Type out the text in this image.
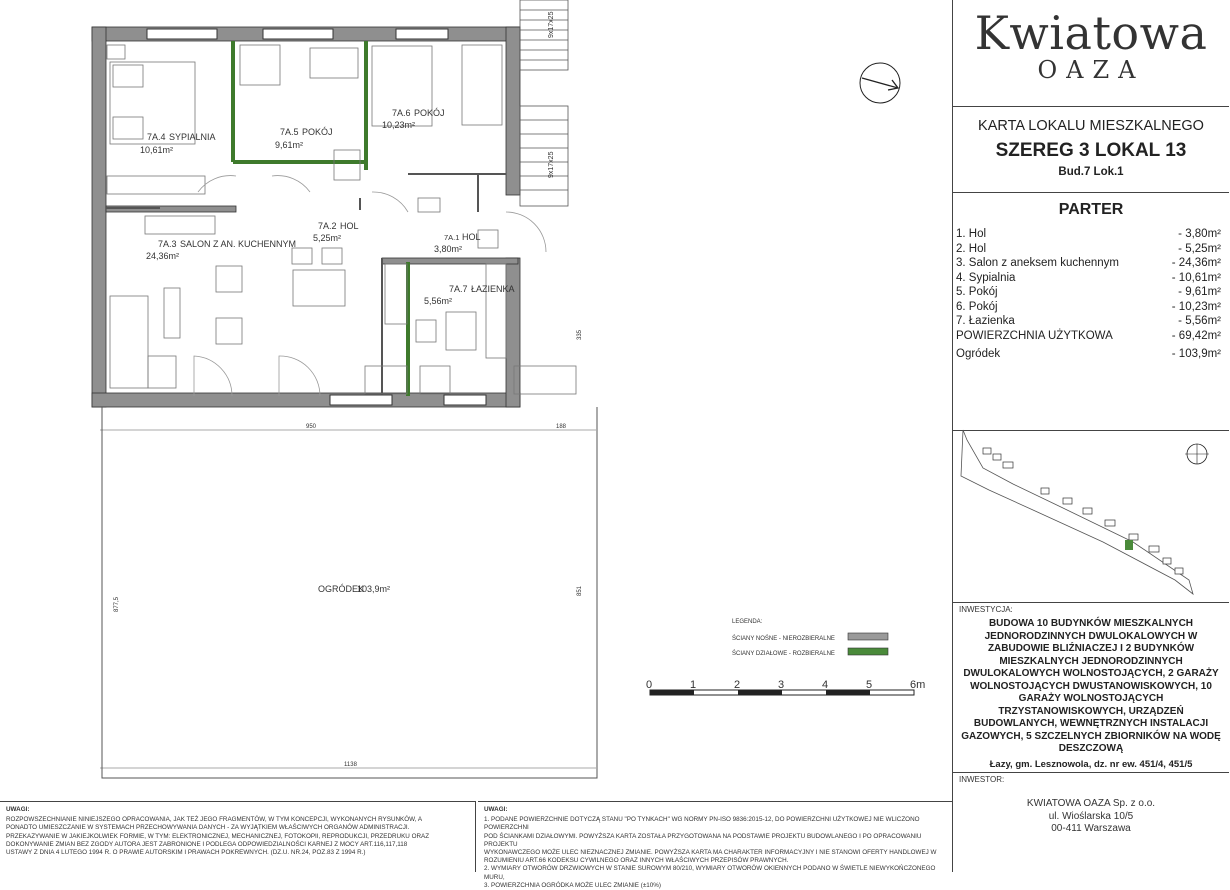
7A.4 SYPIALNIA
10,61m²
7A.5 POKÓJ
9,61m²
7A.6 POKÓJ
10,23m²
7A.2 HOL
5,25m²	7A.1 HOL
3,80m²
7A.3 SALON Z AN. KUCHENNYM
24,36m²
7A.7 ŁAZIENKA
5,56m²
OGRÓDEK
103,9m²
950	188
1138
877,5
851
335
9x17x25
9x17x25
LEGENDA:
ŚCIANY NOŚNE - NIEROZBIERALNE
ŚCIANY DZIAŁOWE - ROZBIERALNE
0	1	2	3	4	5	6m
Kwiatowa
OAZA
KARTA LOKALU MIESZKALNEGO
SZEREG 3 LOKAL 13
Bud.7 Lok.1
PARTER
1. Hol	- 3,80m²
2. Hol	- 5,25m²
3. Salon z aneksem kuchennym	- 24,36m²
4. Sypialnia	- 10,61m²
5. Pokój	- 9,61m²
6. Pokój	- 10,23m²
7. Łazienka	- 5,56m²
POWIERZCHNIA UŻYTKOWA	- 69,42m²
Ogródek	- 103,9m²
INWESTYCJA:
BUDOWA 10 BUDYNKÓW MIESZKALNYCH JEDNORODZINNYCH DWULOKALOWYCH W ZABUDOWIE BLIŹNIACZEJ I 2 BUDYNKÓW MIESZKALNYCH JEDNORODZINNYCH DWULOKALOWYCH WOLNOSTOJĄCYCH, 2 GARAŻY WOLNOSTOJĄCYCH DWUSTANOWISKOWYCH, 10 GARAŻY WOLNOSTOJĄCYCH TRZYSTANOWISKOWYCH, URZĄDZEŃ BUDOWLANYCH, WEWNĘTRZNYCH INSTALACJI GAZOWYCH, 5 SZCZELNYCH ZBIORNIKÓW NA WODĘ DESZCZOWĄ
Łazy, gm. Lesznowola, dz. nr ew. 451/4, 451/5
INWESTOR:
KWIATOWA OAZA Sp. z o.o.
ul. Wioślarska 10/5
00-411 Warszawa
UWAGI:
ROZPOWSZECHNIANIE NINIEJSZEGO OPRACOWANIA, JAK TEŻ JEGO FRAGMENTÓW, W TYM KONCEPCJI, WYKONANYCH RYSUNKÓW, A
PONADTO UMIESZCZANIE W SYSTEMACH PRZECHOWYWANIA DANYCH - ZA WYJĄTKIEM WŁAŚCIWYCH ORGANÓW ADMINISTRACJI.
PRZEKAZYWANIE W JAKIEJKOLWIEK FORMIE, W TYM: ELEKTRONICZNEJ, MECHANICZNEJ, FOTOKOPII, REPRODUKCJI, PRZEDRUKU ORAZ
DOKONYWANIE ZMIAN BEZ ZGODY AUTORA JEST ZABRONIONE I PODLEGA ODPOWIEDZIALNOŚCI KARNEJ Z MOCY ART.116,117,118
USTAWY Z DNIA 4 LUTEGO 1994 R. O PRAWIE AUTORSKIM I PRAWACH POKREWNYCH. (DZ.U. NR.24, POZ.83 Z 1994 R.)
UWAGI:
1. PODANE POWIERZCHNIE DOTYCZĄ STANU "PO TYNKACH" WG NORMY PN-ISO 9836:2015-12, DO POWIERZCHNI UŻYTKOWEJ NIE WLICZONO POWIERZCHNI
POD ŚCIANKAMI DZIAŁOWYMI. POWYŻSZA KARTA ZOSTAŁA PRZYGOTOWANA NA PODSTAWIE PROJEKTU BUDOWLANEGO I PO OPRACOWANIU PROJEKTU
WYKONAWCZEGO MOŻE ULEC NIEZNACZNEJ ZMIANIE. POWYŻSZA KARTA MA CHARAKTER INFORMACYJNY I NIE STANOWI OFERTY HANDLOWEJ W
ROZUMIENIU ART.66 KODEKSU CYWILNEGO ORAZ INNYCH WŁAŚCIWYCH PRZEPISÓW PRAWNYCH.
2. WYMIARY OTWORÓW DRZWIOWYCH W STANIE SUROWYM 80/210, WYMIARY OTWORÓW OKIENNYCH PODANO W ŚWIETLE NIEWYKOŃCZONEGO MURU,
3. POWIERZCHNIA OGRÓDKA MOŻE ULEC ZMIANIE (±10%)
